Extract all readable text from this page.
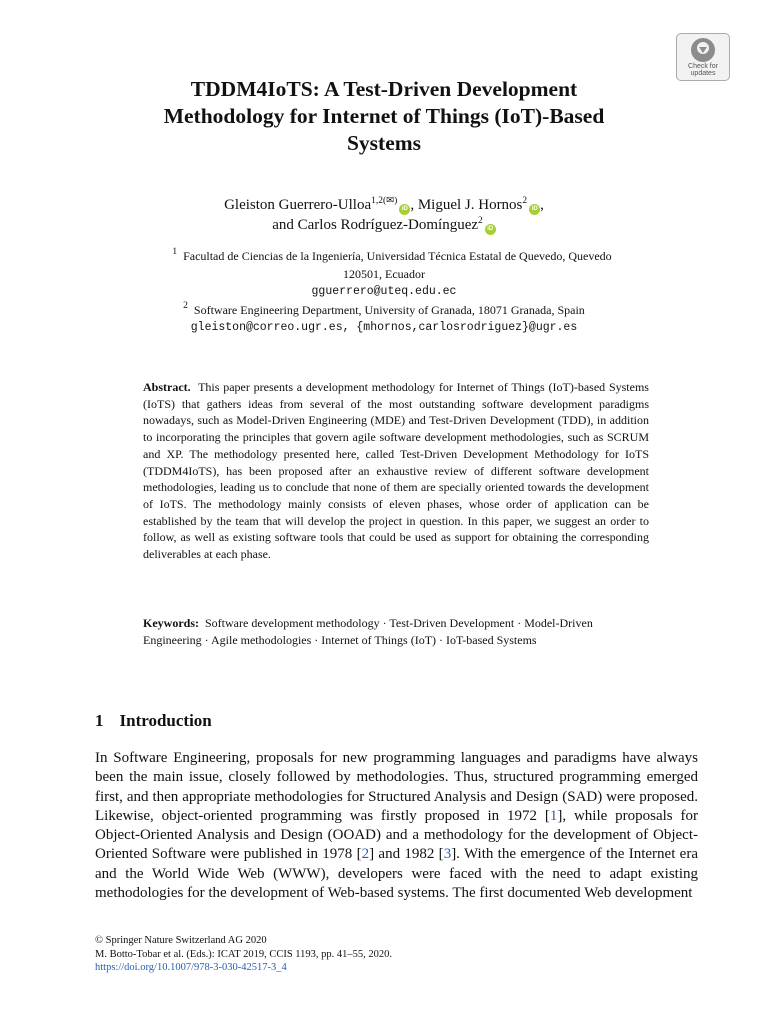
Check for
updates
TDDM4IoTS: A Test-Driven Development
Methodology for Internet of Things (IoT)-Based
Systems
Gleiston Guerrero-Ulloa$^{1,2(✉)}$iD , Miguel J. Hornos$^2$iD ,
and Carlos Rodríguez-Domínguez$^2$iD
$^1$ Facultad de Ciencias de la Ingeniería, Universidad Técnica Estatal de Quevedo, Quevedo
120501, Ecuador
gguerrero@uteq.edu.ec
$^2$ Software Engineering Department, University of Granada, 18071 Granada, Spain
gleiston@correo.ugr.es, {mhornos,carlosrodriguez}@ugr.es

Abstract. This paper presents a development methodology for Internet of Things (IoT)-based Systems (IoTS) that gathers ideas from several of the most outstanding software development paradigms nowadays, such as Model-Driven Engineering (MDE) and Test-Driven Development (TDD), in addition to incorporating the principles that govern agile software development methodologies, such as SCRUM and XP. The methodology presented here, called Test-Driven Development Methodology for IoTS (TDDM4IoTS), has been proposed after an exhaustive review of different software development methodologies, leading us to conclude that none of them are specially oriented towards the development of IoTS. The methodology mainly consists of eleven phases, whose order of application can be established by the team that will develop the project in question. In this paper, we suggest an order to follow, as well as existing software tools that could be used as support for obtaining the corresponding deliverables at each phase.

Keywords: Software development methodology · Test-Driven Development · Model-Driven Engineering · Agile methodologies · Internet of Things (IoT) · IoT-based Systems

1 Introduction

In Software Engineering, proposals for new programming languages and paradigms have always been the main issue, closely followed by methodologies. Thus, structured programming emerged first, and then appropriate methodologies for Structured Analysis and Design (SAD) were proposed. Likewise, object-oriented programming was firstly proposed in 1972 [1], while proposals for Object-Oriented Analysis and Design (OOAD) and a methodology for the development of Object-Oriented Software were published in 1978 [2] and 1982 [3]. With the emergence of the Internet era and the World Wide Web (WWW), developers were faced with the need to adapt existing methodologies for the development of Web-based systems. The first documented Web development

© Springer Nature Switzerland AG 2020
M. Botto-Tobar et al. (Eds.): ICAT 2019, CCIS 1193, pp. 41–55, 2020.
https://doi.org/10.1007/978-3-030-42517-3_4
